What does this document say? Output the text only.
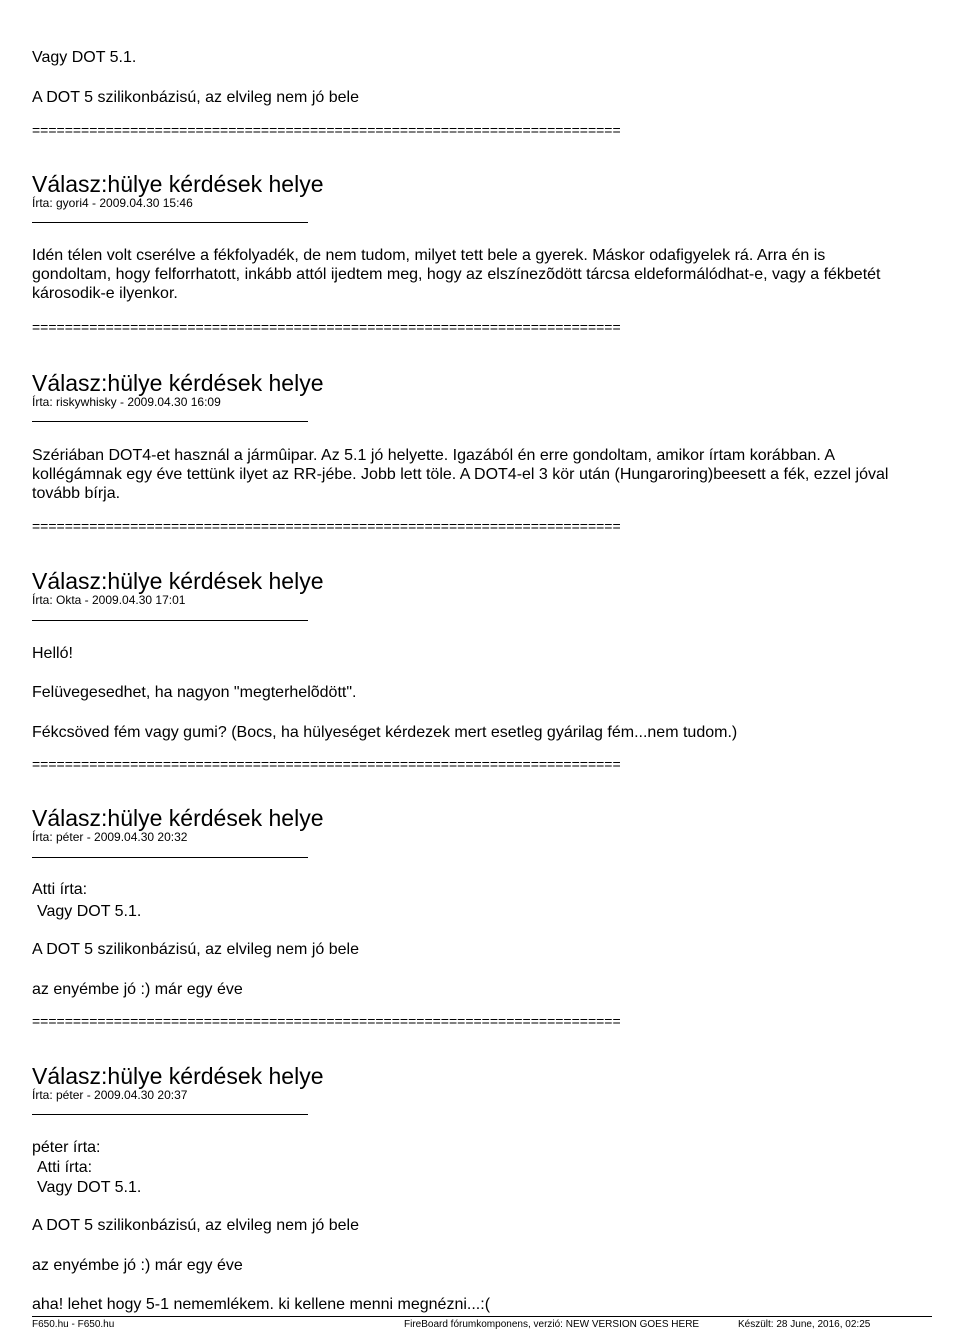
Vagy DOT 5.1.
A DOT 5 szilikonbázisú, az elvileg nem jó bele
========================================================================
Válasz:hülye kérdések helye
Írta: gyori4 - 2009.04.30 15:46
Idén télen volt cserélve a fékfolyadék, de nem tudom, milyet tett bele a gyerek. Máskor odafigyelek rá. Arra én is gondoltam, hogy felforrhatott, inkább attól ijedtem meg, hogy az elszínezõdött tárcsa eldeformálódhat-e, vagy a fékbetét károsodik-e ilyenkor.
========================================================================
Válasz:hülye kérdések helye
Írta: riskywhisky - 2009.04.30 16:09
Szériában DOT4-et használ a jármûipar. Az 5.1 jó helyette. Igazából én erre gondoltam, amikor írtam korábban. A kollégámnak egy éve tettünk ilyet az RR-jébe. Jobb lett töle. A DOT4-el 3 kör után (Hungaroring)beesett a fék, ezzel jóval tovább bírja.
========================================================================
Válasz:hülye kérdések helye
Írta: Okta - 2009.04.30 17:01
Helló!
Felüvegesedhet, ha nagyon "megterhelõdött".
Fékcsöved fém vagy gumi? (Bocs, ha hülyeséget kérdezek mert esetleg gyárilag fém...nem tudom.)
========================================================================
Válasz:hülye kérdések helye
Írta: péter - 2009.04.30 20:32
Atti írta:
Vagy DOT 5.1.
A DOT 5 szilikonbázisú, az elvileg nem jó bele
az enyémbe jó :) már egy éve
========================================================================
Válasz:hülye kérdések helye
Írta: péter - 2009.04.30 20:37
péter írta:
Atti írta:
Vagy DOT 5.1.
A DOT 5 szilikonbázisú, az elvileg nem jó bele
az enyémbe jó :) már egy éve
aha! lehet hogy 5-1 nememlékem. ki kellene menni megnézni...:(
F650.hu - F650.hu	FireBoard fórumkomponens, verzió: NEW VERSION GOES HERE	Készült: 28 June, 2016, 02:25
